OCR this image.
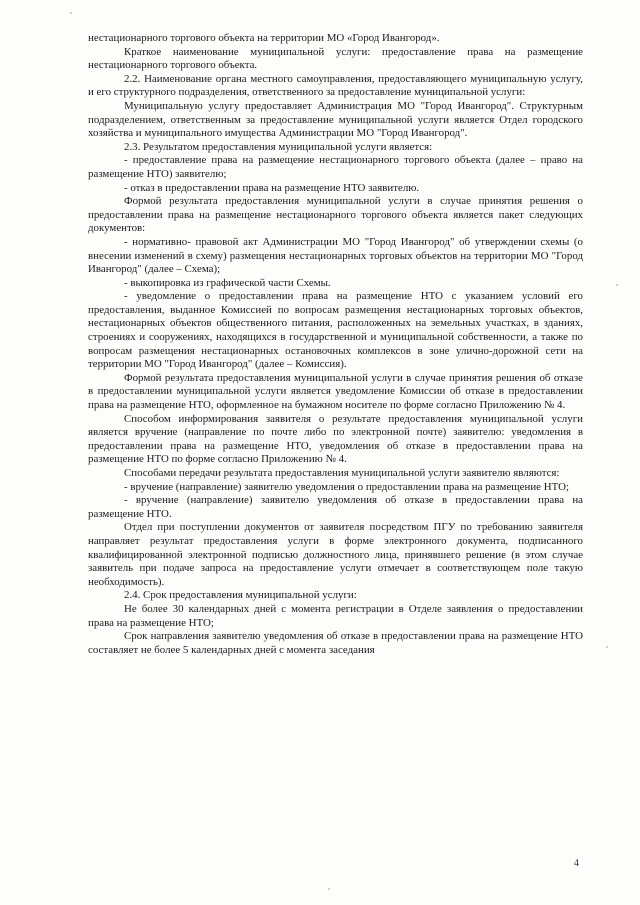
нестационарного торгового объекта на территории МО «Город Ивангород».

Краткое наименование муниципальной услуги: предоставление права на размещение нестационарного торгового объекта.

2.2. Наименование органа местного самоуправления, предоставляющего муниципальную услугу, и его структурного подразделения, ответственного за предоставление муниципальной услуги:

Муниципальную услугу предоставляет Администрация МО "Город Ивангород". Структурным подразделением, ответственным за предоставление муниципальной услуги является Отдел городского хозяйства и муниципального имущества Администрации МО "Город Ивангород".

2.3. Результатом предоставления муниципальной услуги является:

- предоставление права на размещение нестационарного торгового объекта (далее – право на размещение НТО) заявителю;

- отказ в предоставлении права на размещение НТО заявителю.

Формой результата предоставления муниципальной услуги в случае принятия решения о предоставлении права на размещение нестационарного торгового объекта является пакет следующих документов:

- нормативно- правовой акт Администрации МО "Город Ивангород" об утверждении схемы (о внесении изменений в схему) размещения нестационарных торговых объектов на территории МО "Город Ивангород" (далее – Схема);

- выкопировка из графической части Схемы.

- уведомление о предоставлении права на размещение НТО с указанием условий его предоставления, выданное Комиссией по вопросам размещения нестационарных торговых объектов, нестационарных объектов общественного питания, расположенных на земельных участках, в зданиях, строениях и сооружениях, находящихся в государственной и муниципальной собственности, а также по вопросам размещения нестационарных остановочных комплексов в зоне улично-дорожной сети на территории МО "Город Ивангород" (далее – Комиссия).

Формой результата предоставления муниципальной услуги в случае принятия решения об отказе в предоставлении муниципальной услуги является уведомление Комиссии об отказе в предоставлении права на размещение НТО, оформленное на бумажном носителе по форме согласно Приложению № 4.

Способом информирования заявителя о результате предоставления муниципальной услуги является вручение (направление по почте либо по электронной почте) заявителю: уведомления в предоставлении права на размещение НТО, уведомления об отказе в предоставлении права на размещение НТО по форме согласно Приложению № 4.

Способами передачи результата предоставления муниципальной услуги заявителю являются:

- вручение (направление) заявителю уведомления о предоставлении права на размещение НТО;

- вручение (направление) заявителю уведомления об отказе в предоставлении права на размещение НТО.

Отдел при поступлении документов от заявителя посредством ПГУ по требованию заявителя направляет результат предоставления услуги в форме электронного документа, подписанного квалифицированной электронной подписью должностного лица, принявшего решение (в этом случае заявитель при подаче запроса на предоставление услуги отмечает в соответствующем поле такую необходимость).

2.4. Срок предоставления муниципальной услуги:

Не более 30 календарных дней с момента регистрации в Отделе заявления о предоставлении права на размещение НТО;

Срок направления заявителю уведомления об отказе в предоставлении права на размещение НТО составляет не более 5 календарных дней с момента заседания

4
